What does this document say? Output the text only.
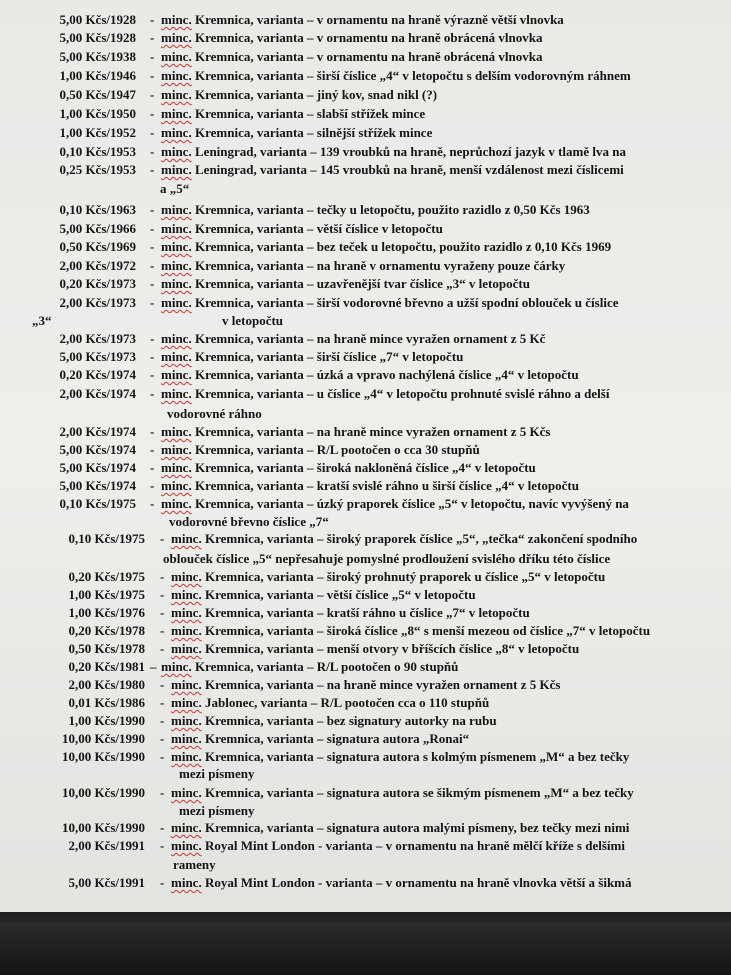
5,00 Kčs/1928 - minc. Kremnica, varianta – v ornamentu na hraně výrazně větší vlnovka
5,00 Kčs/1928 - minc. Kremnica, varianta – v ornamentu na hraně obrácená vlnovka
5,00 Kčs/1938 - minc. Kremnica, varianta – v ornamentu na hraně obrácená vlnovka
1,00 Kčs/1946 - minc. Kremnica, varianta – širší číslice „4“ v letopočtu s delším vodorovným ráhnem
0,50 Kčs/1947 - minc. Kremnica, varianta – jiný kov, snad nikl (?)
1,00 Kčs/1950 - minc. Kremnica, varianta – slabší střížek mince
1,00 Kčs/1952 - minc. Kremnica, varianta – silnější střížek mince
0,10 Kčs/1953 - minc. Leningrad, varianta – 139 vroubků na hraně, neprůchozí jazyk v tlamě lva na
0,25 Kčs/1953 - minc. Leningrad, varianta – 145 vroubků na hraně, menší vzdálenost mezi číslicemi
0,10 Kčs/1963 - minc. Kremnica, varianta – tečky u letopočtu, použito razidlo z 0,50 Kčs 1963
5,00 Kčs/1966 - minc. Kremnica, varianta – větší číslice v letopočtu
0,50 Kčs/1969 - minc. Kremnica, varianta – bez teček u letopočtu, použito razidlo z 0,10 Kčs 1969
2,00 Kčs/1972 - minc. Kremnica, varianta – na hraně v ornamentu vyraženy pouze čárky
0,20 Kčs/1973 - minc. Kremnica, varianta – uzavřenější tvar číslice „3“ v letopočtu
2,00 Kčs/1973 - minc. Kremnica, varianta – širší vodorovné břevno a užší spodní oblouček u číslice
2,00 Kčs/1973 - minc. Kremnica, varianta – na hraně mince vyražen ornament z 5 Kč
5,00 Kčs/1973 - minc. Kremnica, varianta – širší číslice „7“ v letopočtu
0,20 Kčs/1974 - minc. Kremnica, varianta – úzká a vpravo nachýlená číslice „4“ v letopočtu
2,00 Kčs/1974 - minc. Kremnica, varianta – u číslice „4“ v letopočtu prohnuté svislé ráhno a delší
2,00 Kčs/1974 - minc. Kremnica, varianta – na hraně mince vyražen ornament z 5 Kčs
5,00 Kčs/1974 - minc. Kremnica, varianta – R/L pootočen o cca 30 stupňů
5,00 Kčs/1974 - minc. Kremnica, varianta – široká nakloněná číslice „4“ v letopočtu
5,00 Kčs/1974 - minc. Kremnica, varianta – kratší svislé ráhno u širší číslice „4“ v letopočtu
0,10 Kčs/1975 - minc. Kremnica, varianta – úzký praporek číslice „5“ v letopočtu, navíc vyvýšený na
0,10 Kčs/1975 - minc. Kremnica, varianta – široký praporek číslice „5“, „tečka“ zakončení spodního
0,20 Kčs/1975 - minc. Kremnica, varianta – široký prohnutý praporek u číslice „5“ v letopočtu
1,00 Kčs/1975 - minc. Kremnica, varianta – větší číslice „5“ v letopočtu
1,00 Kčs/1976 - minc. Kremnica, varianta – kratší ráhno u číslice „7“ v letopočtu
0,20 Kčs/1978 - minc. Kremnica, varianta – široká číslice „8“ s menší mezeou od číslice „7“ v letopočtu
0,50 Kčs/1978 - minc. Kremnica, varianta – menší otvory v bříšcích číslice „8“ v letopočtu
0,20 Kčs/1981 – minc. Kremnica, varianta – R/L pootočen o 90 stupňů
2,00 Kčs/1980 - minc. Kremnica, varianta – na hraně mince vyražen ornament z 5 Kčs
0,01 Kčs/1986 - minc. Jablonec, varianta – R/L pootočen cca o 110 stupňů
1,00 Kčs/1990 - minc. Kremnica, varianta – bez signatury autorky na rubu
10,00 Kčs/1990 - minc. Kremnica, varianta – signatura autora „Ronai“
10,00 Kčs/1990 - minc. Kremnica, varianta – signatura autora s kolmým písmenem „M“ a bez tečky
10,00 Kčs/1990 - minc. Kremnica, varianta – signatura autora se šikmým písmenem „M“ a bez tečky
10,00 Kčs/1990 - minc. Kremnica, varianta – signatura autora malými písmeny, bez tečky mezi nimi
2,00 Kčs/1991 - minc. Royal Mint London - varianta – v ornamentu na hraně mělčí kříže s delšími
5,00 Kčs/1991 - minc. Royal Mint London - varianta – v ornamentu na hraně vlnovka větší a šikmá
a „5“
„3“	v letopočtu
vodorovné ráhno
vodorovné břevno číslice „7“
oblouček číslice „5“ nepřesahuje pomyslné prodloužení svislého dříku této číslice
mezi písmeny
mezi písmeny
rameny
